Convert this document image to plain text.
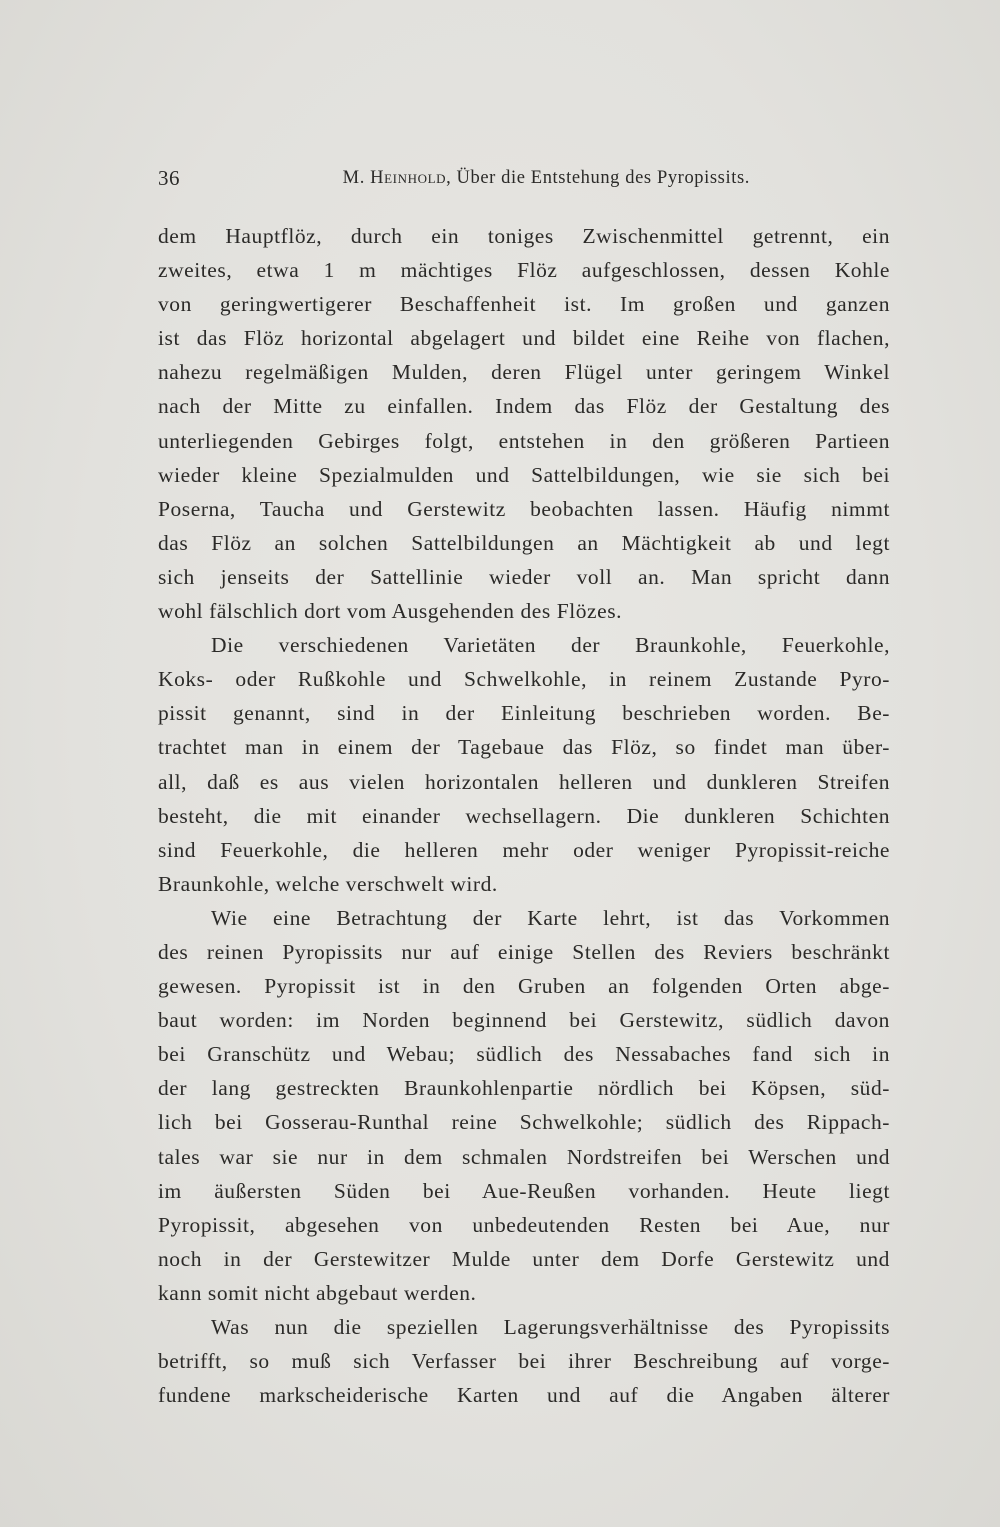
36	M. Heinhold, Über die Entstehung des Pyropissits.
dem Hauptflöz, durch ein toniges Zwischenmittel getrennt, ein
zweites, etwa 1 m mächtiges Flöz aufgeschlossen, dessen Kohle
von geringwertigerer Beschaffenheit ist. Im großen und ganzen
ist das Flöz horizontal abgelagert und bildet eine Reihe von flachen,
nahezu regelmäßigen Mulden, deren Flügel unter geringem Winkel
nach der Mitte zu einfallen. Indem das Flöz der Gestaltung des
unterliegenden Gebirges folgt, entstehen in den größeren Partieen
wieder kleine Spezialmulden und Sattelbildungen, wie sie sich bei
Poserna, Taucha und Gerstewitz beobachten lassen. Häufig nimmt
das Flöz an solchen Sattelbildungen an Mächtigkeit ab und legt
sich jenseits der Sattellinie wieder voll an. Man spricht dann
wohl fälschlich dort vom Ausgehenden des Flözes.
Die verschiedenen Varietäten der Braunkohle, Feuerkohle,
Koks- oder Rußkohle und Schwelkohle, in reinem Zustande Pyro-
pissit genannt, sind in der Einleitung beschrieben worden. Be-
trachtet man in einem der Tagebaue das Flöz, so findet man über-
all, daß es aus vielen horizontalen helleren und dunkleren Streifen
besteht, die mit einander wechsellagern. Die dunkleren Schichten
sind Feuerkohle, die helleren mehr oder weniger Pyropissit-reiche
Braunkohle, welche verschwelt wird.
Wie eine Betrachtung der Karte lehrt, ist das Vorkommen
des reinen Pyropissits nur auf einige Stellen des Reviers beschränkt
gewesen. Pyropissit ist in den Gruben an folgenden Orten abge-
baut worden: im Norden beginnend bei Gerstewitz, südlich davon
bei Granschütz und Webau; südlich des Nessabaches fand sich in
der lang gestreckten Braunkohlenpartie nördlich bei Köpsen, süd-
lich bei Gosserau-Runthal reine Schwelkohle; südlich des Rippach-
tales war sie nur in dem schmalen Nordstreifen bei Werschen und
im äußersten Süden bei Aue-Reußen vorhanden. Heute liegt
Pyropissit, abgesehen von unbedeutenden Resten bei Aue, nur
noch in der Gerstewitzer Mulde unter dem Dorfe Gerstewitz und
kann somit nicht abgebaut werden.
Was nun die speziellen Lagerungsverhältnisse des Pyropissits
betrifft, so muß sich Verfasser bei ihrer Beschreibung auf vorge-
fundene markscheiderische Karten und auf die Angaben älterer
